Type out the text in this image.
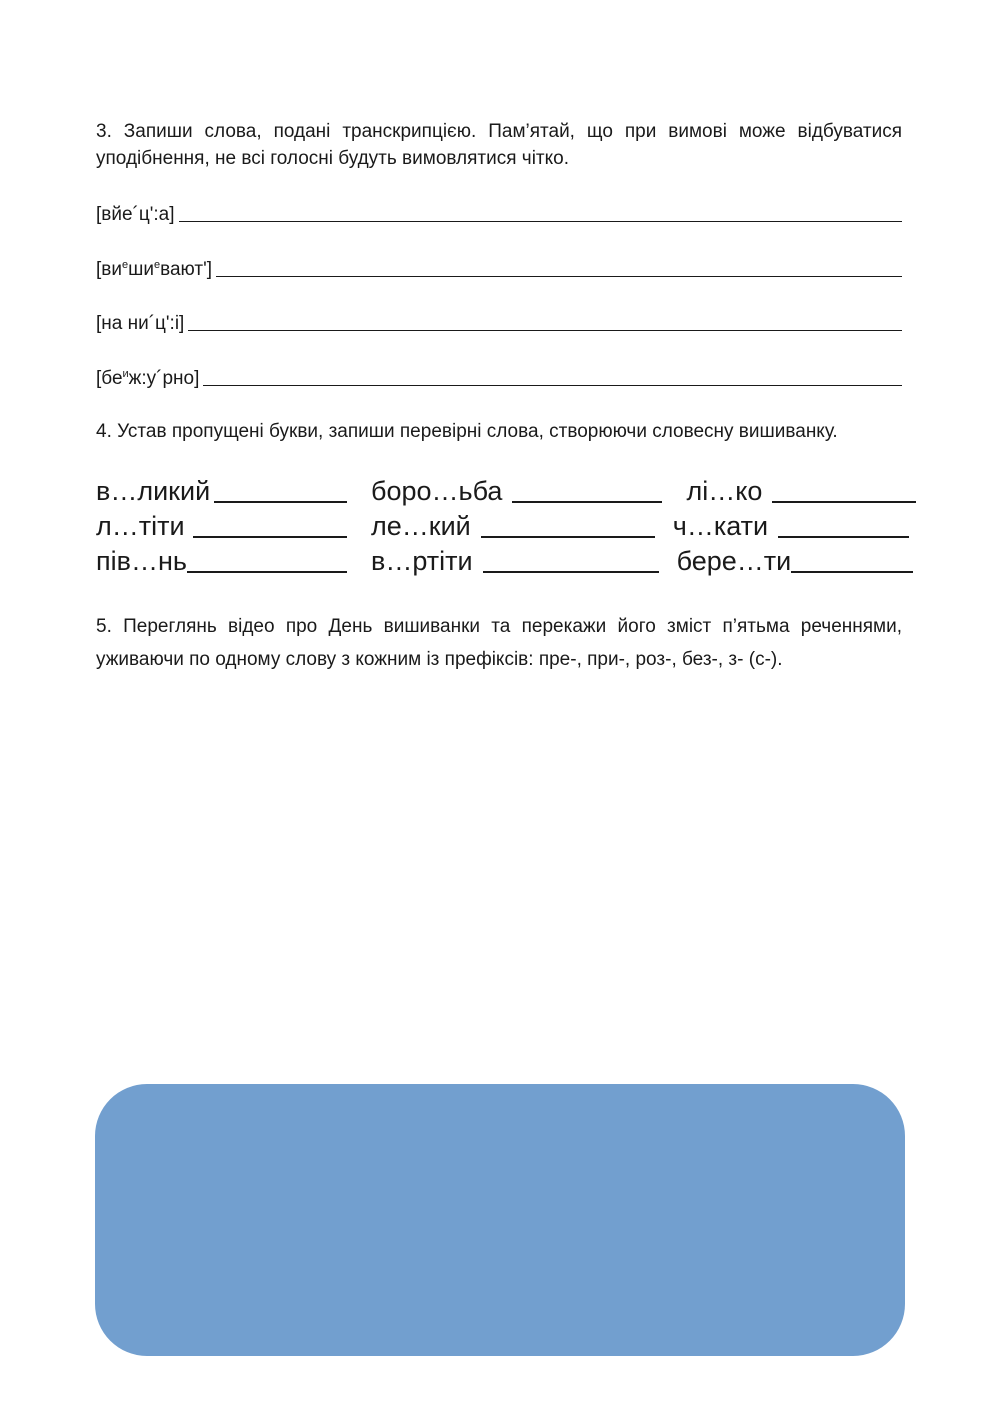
3. Запиши слова, подані транскрипцією. Пам’ятай, що при вимові може відбуватися уподібнення, не всі голосні будуть вимовлятися чітко.
[вйе´ц':а]
$[ви^еши^евают']$
[на ни´ц':і]
$[бе^иж:у´рно]$
4. Устав пропущені букви, запиши перевірні слова, створюючи словесну вишиванку.
в…ликий	боро…ьба	лі…ко
л…тіти	ле…кий	ч…кати
пів…нь	в…ртіти	бере…ти
5. Переглянь відео про День вишиванки та перекажи його зміст п’ятьма реченнями, уживаючи по одному слову з кожним із префіксів: пре-, при-, роз-, без-, з- (с-).
